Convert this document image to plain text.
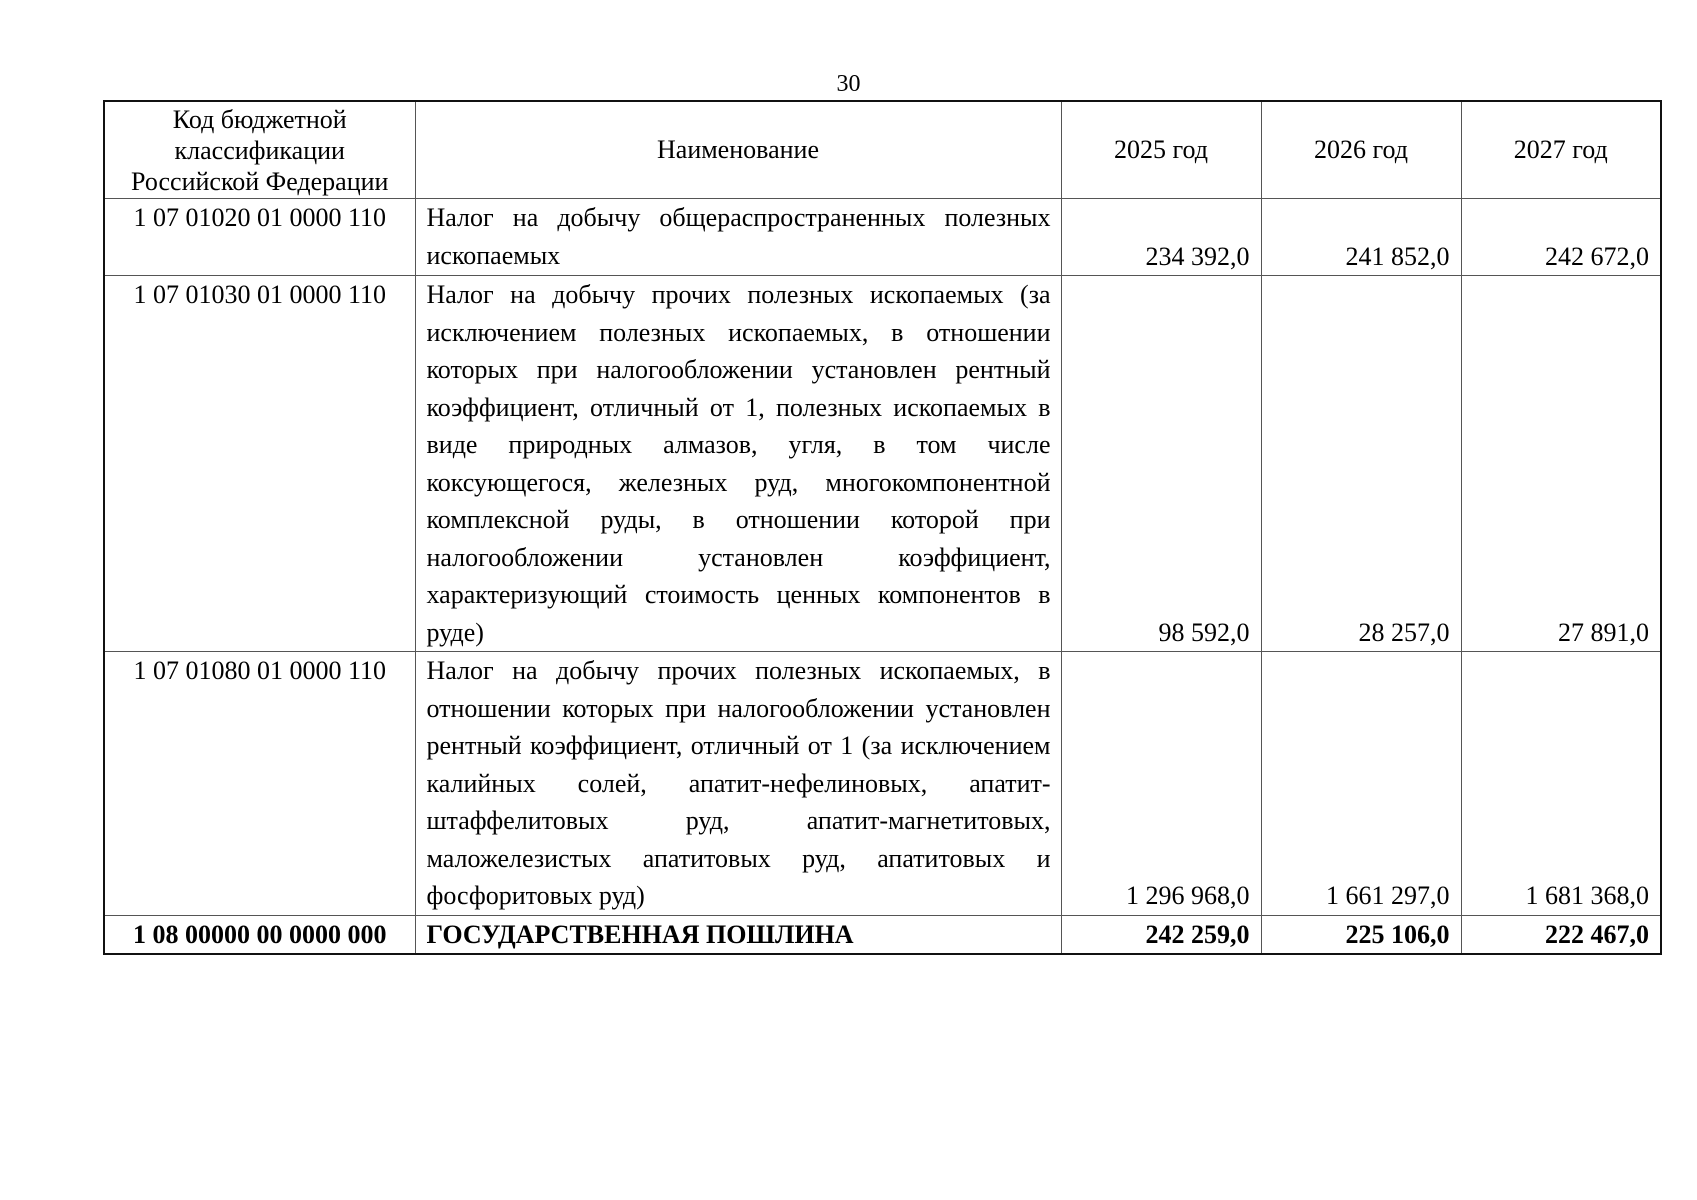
30
Код бюджетной классификации Российской Федерации	Наименование	2025 год	2026 год	2027 год
1 07 01020 01 0000 110	Налог на добычу общераспространенных полезных ископаемых	234 392,0	241 852,0	242 672,0
1 07 01030 01 0000 110	Налог на добычу прочих полезных ископаемых (за исключением полезных ископаемых, в отношении которых при налогообложении установлен рентный коэффициент, отличный от 1, полезных ископаемых в виде природных алмазов, угля, в том числе коксующегося, железных руд, многокомпонентной комплексной руды, в отношении которой при налогообложении установлен коэффициент, характеризующий стоимость ценных компонентов в руде)	98 592,0	28 257,0	27 891,0
1 07 01080 01 0000 110	Налог на добычу прочих полезных ископаемых, в отношении которых при налогообложении установлен рентный коэффициент, отличный от 1 (за исключением калийных солей, апатит-нефелиновых, апатит-штаффелитовых руд, апатит-магнетитовых, маложелезистых апатитовых руд, апатитовых и фосфоритовых руд)	1 296 968,0	1 661 297,0	1 681 368,0
1 08 00000 00 0000 000	ГОСУДАРСТВЕННАЯ ПОШЛИНА	242 259,0	225 106,0	222 467,0
